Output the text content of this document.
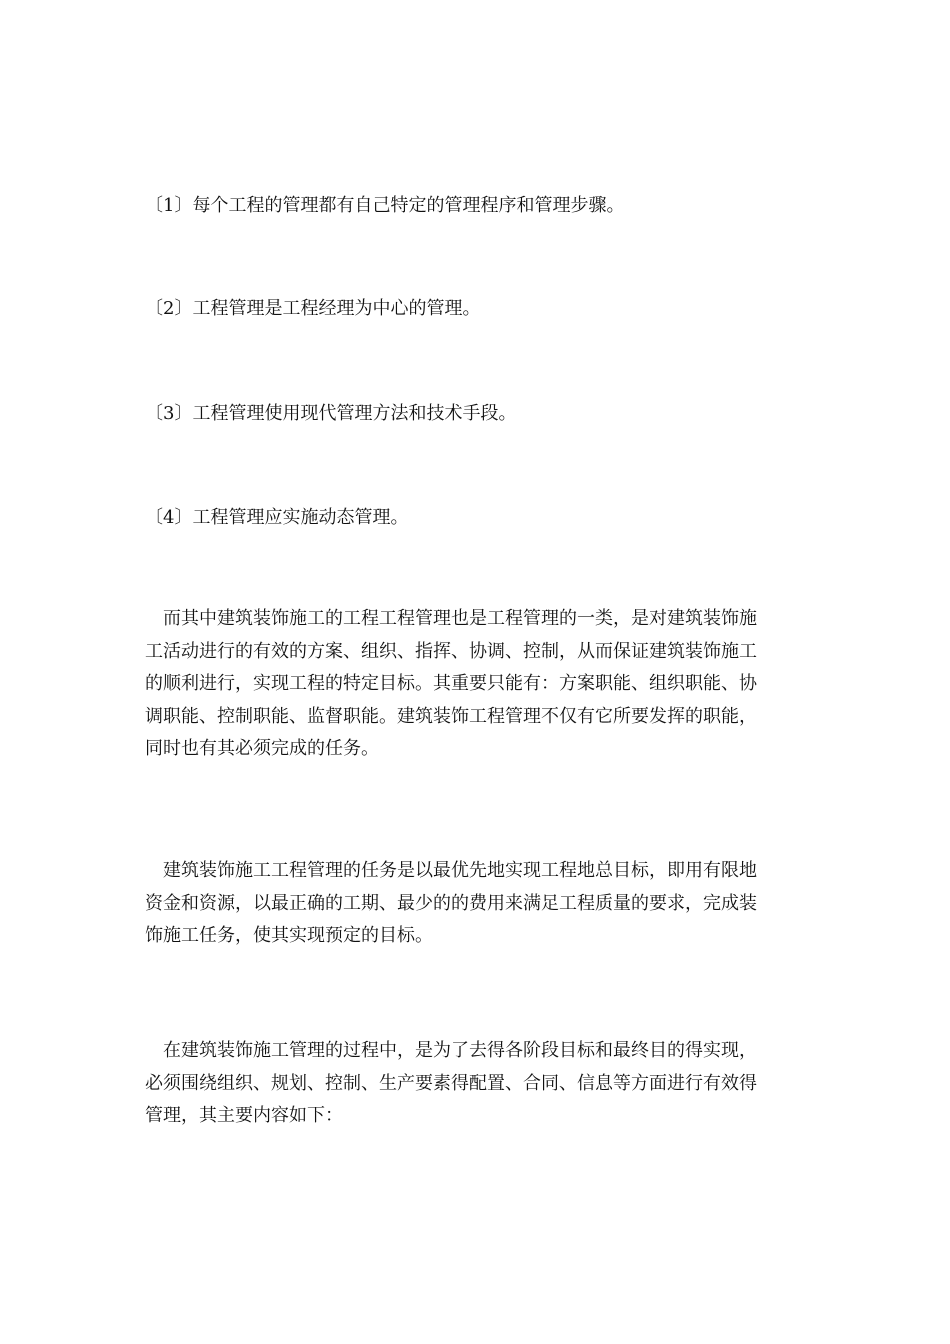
〔1〕每个工程的管理都有自己特定的管理程序和管理步骤。
〔2〕工程管理是工程经理为中心的管理。
〔3〕工程管理使用现代管理方法和技术手段。
〔4〕工程管理应实施动态管理。
　而其中建筑装饰施工的工程工程管理也是工程管理的一类，是对建筑装饰施
工活动进行的有效的方案、组织、指挥、协调、控制，从而保证建筑装饰施工
的顺利进行，实现工程的特定目标。其重要只能有：方案职能、组织职能、协
调职能、控制职能、监督职能。建筑装饰工程管理不仅有它所要发挥的职能，
同时也有其必须完成的任务。
　建筑装饰施工工程管理的任务是以最优先地实现工程地总目标，即用有限地
资金和资源，以最正确的工期、最少的的费用来满足工程质量的要求，完成装
饰施工任务，使其实现预定的目标。
　在建筑装饰施工管理的过程中，是为了去得各阶段目标和最终目的得实现，
必须围绕组织、规划、控制、生产要素得配置、合同、信息等方面进行有效得
管理，其主要内容如下：
